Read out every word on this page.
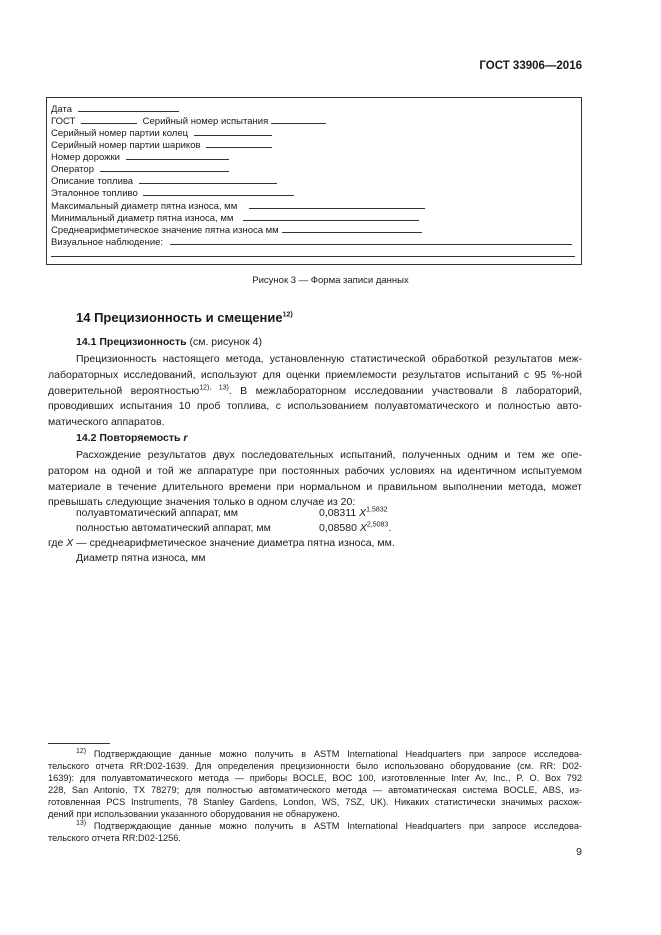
ГОСТ 33906—2016
Дата
ГОСТ	Серийный номер испытания
Серийный номер партии колец
Серийный номер партии шариков
Номер дорожки
Оператор
Описание топлива
Эталонное топливо
Максимальный диаметр пятна износа, мм
Минимальный диаметр пятна износа, мм
Среднеарифметическое значение пятна износа мм
Визуальное наблюдение:
Рисунок 3 — Форма записи данных
14 Прецизионность и смещение$^{12)}$
14.1 Прецизионность (см. рисунок 4)
Прецизионность настоящего метода, установленную статистической обработкой результатов меж-
лабораторных исследований, используют для оценки приемлемости результатов испытаний с 95 %-ной
доверительной вероятностью$^{12), 13)}$. В межлабораторном исследовании участвовали 8 лабораторий,
проводивших испытания 10 проб топлива, с использованием полуавтоматического и полностью авто-
матического аппаратов.
14.2 Повторяемость r
Расхождение результатов двух последовательных испытаний, полученных одним и тем же опе-
ратором на одной и той же аппаратуре при постоянных рабочих условиях на идентичном испытуемом
материале в течение длительного времени при нормальном и правильном выполнении метода, может
превышать следующие значения только в одном случае из 20:
полуавтоматический аппарат, мм	0,08311 $X^{1,5832}$
полностью автоматический аппарат, мм	0,08580 $X^{2,5083}$.
где X — среднеарифметическое значение диаметра пятна износа, мм.
Диаметр пятна износа, мм
$^{12)}$ Подтверждающие данные можно получить в ASTM International Headquarters при запросе исследова-
тельского отчета RR:D02-1639. Для определения прецизионности было использовано оборудование (см. RR: D02-
1639): для полуавтоматического метода — приборы BOCLE, BOC 100, изготовленные Inter Av, Inc., P. O. Box 792
228, San Antonio, TX 78279; для полностью автоматического метода — автоматическая система BOCLE, ABS, из-
готовленная PCS Instruments, 78 Stanley Gardens, London, WS, 7SZ, UK). Никаких статистически значимых расхож-
дений при использовании указанного оборудования не обнаружено.
$^{13)}$ Подтверждающие данные можно получить в ASTM International Headquarters при запросе исследова-
тельского отчета RR:D02-1256.
9
